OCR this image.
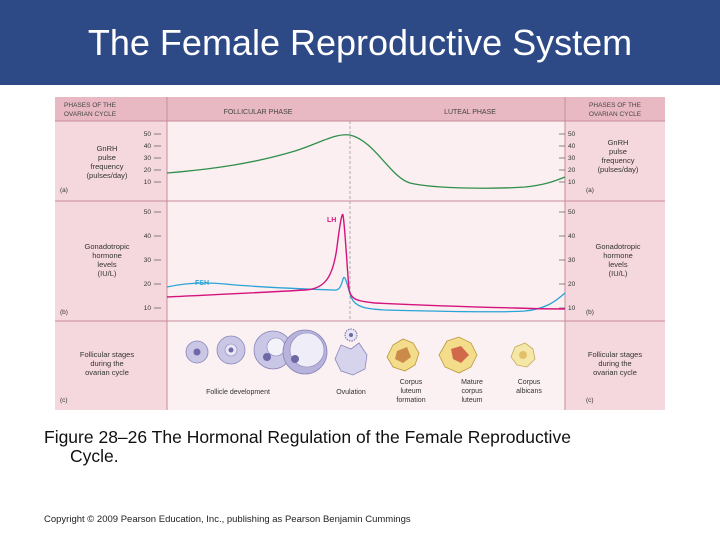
The Female Reproductive System
PHASES OF THE
OVARIAN CYCLE	FOLLICULAR PHASE	LUTEAL PHASE
PHASES OF THE
OVARIAN CYCLE
GnRH
pulse
frequency
(pulses/day)
(a)
GnRH
pulse
frequency
(pulses/day)
(a)
50
40
30
20
10
50
40
30
20
10
Gonadotropic
hormone
levels
(IU/L)
(b)
Gonadotropic
hormone
levels
(IU/L)
(b)
50
40
30
20
10
50
40
30
20
10
LH
FSH
Follicular stages
during the
ovarian cycle
(c)
Follicular stages
during the
ovarian cycle
(c)
Follicle development	Ovulation
Corpus
luteum
formation
Mature
corpus
luteum
Corpus
albicans
Figure 28–26 The Hormonal Regulation of the Female Reproductive
Cycle.
Copyright © 2009 Pearson Education, Inc., publishing as Pearson Benjamin Cummings
